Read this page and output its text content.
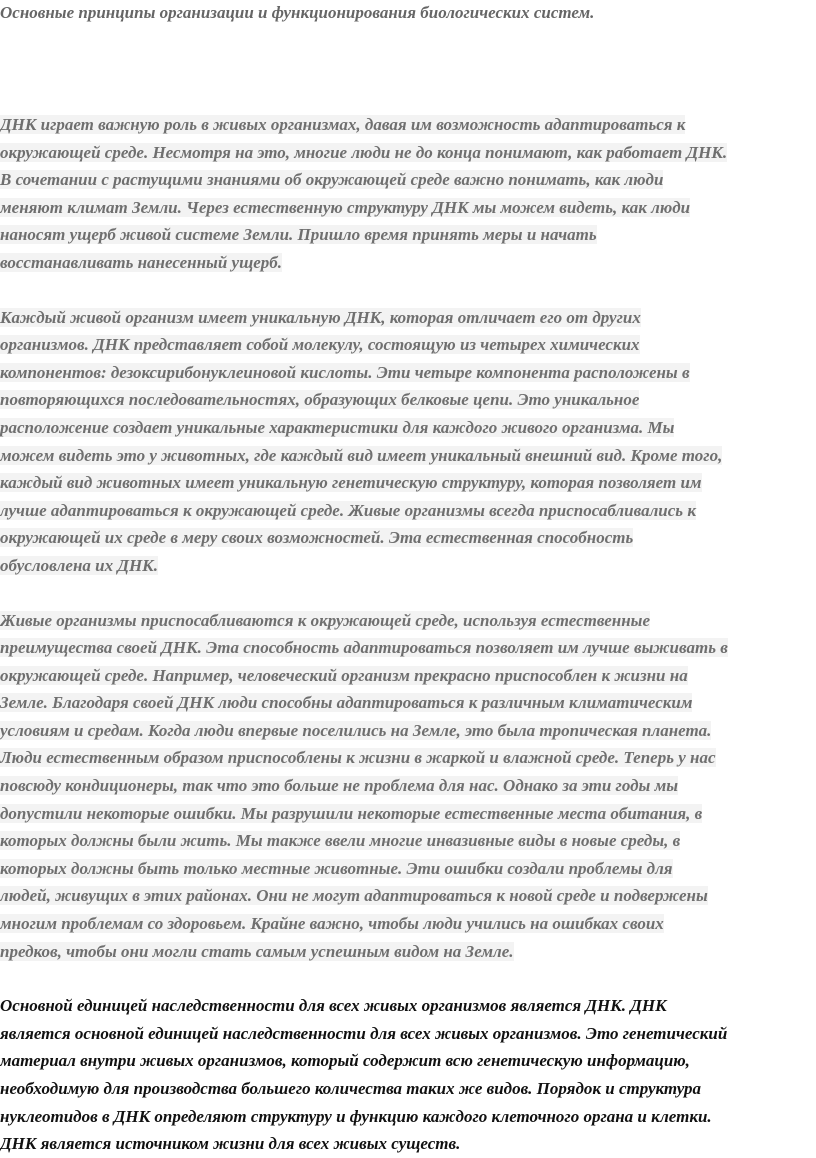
Основные принципы организации и функционирования биологических систем.

ДНК играет важную роль в живых организмах, давая им возможность адаптироваться к
окружающей среде. Несмотря на это, многие люди не до конца понимают, как работает ДНК.
В сочетании с растущими знаниями об окружающей среде важно понимать, как люди
меняют климат Земли. Через естественную структуру ДНК мы можем видеть, как люди
наносят ущерб живой системе Земли. Пришло время принять меры и начать
восстанавливать нанесенный ущерб.

Каждый живой организм имеет уникальную ДНК, которая отличает его от других
организмов. ДНК представляет собой молекулу, состоящую из четырех химических
компонентов: дезоксирибонуклеиновой кислоты. Эти четыре компонента расположены в
повторяющихся последовательностях, образующих белковые цепи. Это уникальное
расположение создает уникальные характеристики для каждого живого организма. Мы
можем видеть это у животных, где каждый вид имеет уникальный внешний вид. Кроме того,
каждый вид животных имеет уникальную генетическую структуру, которая позволяет им
лучше адаптироваться к окружающей среде. Живые организмы всегда приспосабливались к
окружающей их среде в меру своих возможностей. Эта естественная способность
обусловлена их ДНК.

Живые организмы приспосабливаются к окружающей среде, используя естественные
преимущества своей ДНК. Эта способность адаптироваться позволяет им лучше выживать в
окружающей среде. Например, человеческий организм прекрасно приспособлен к жизни на
Земле. Благодаря своей ДНК люди способны адаптироваться к различным климатическим
условиям и средам. Когда люди впервые поселились на Земле, это была тропическая планета.
Люди естественным образом приспособлены к жизни в жаркой и влажной среде. Теперь у нас
повсюду кондиционеры, так что это больше не проблема для нас. Однако за эти годы мы
допустили некоторые ошибки. Мы разрушили некоторые естественные места обитания, в
которых должны были жить. Мы также ввели многие инвазивные виды в новые среды, в
которых должны быть только местные животные. Эти ошибки создали проблемы для
людей, живущих в этих районах. Они не могут адаптироваться к новой среде и подвержены
многим проблемам со здоровьем. Крайне важно, чтобы люди учились на ошибках своих
предков, чтобы они могли стать самым успешным видом на Земле.

Основной единицей наследственности для всех живых организмов является ДНК. ДНК
является основной единицей наследственности для всех живых организмов. Это генетический
материал внутри живых организмов, который содержит всю генетическую информацию,
необходимую для производства большего количества таких же видов. Порядок и структура
нуклеотидов в ДНК определяют структуру и функцию каждого клеточного органа и клетки.
ДНК является источником жизни для всех живых существ.
